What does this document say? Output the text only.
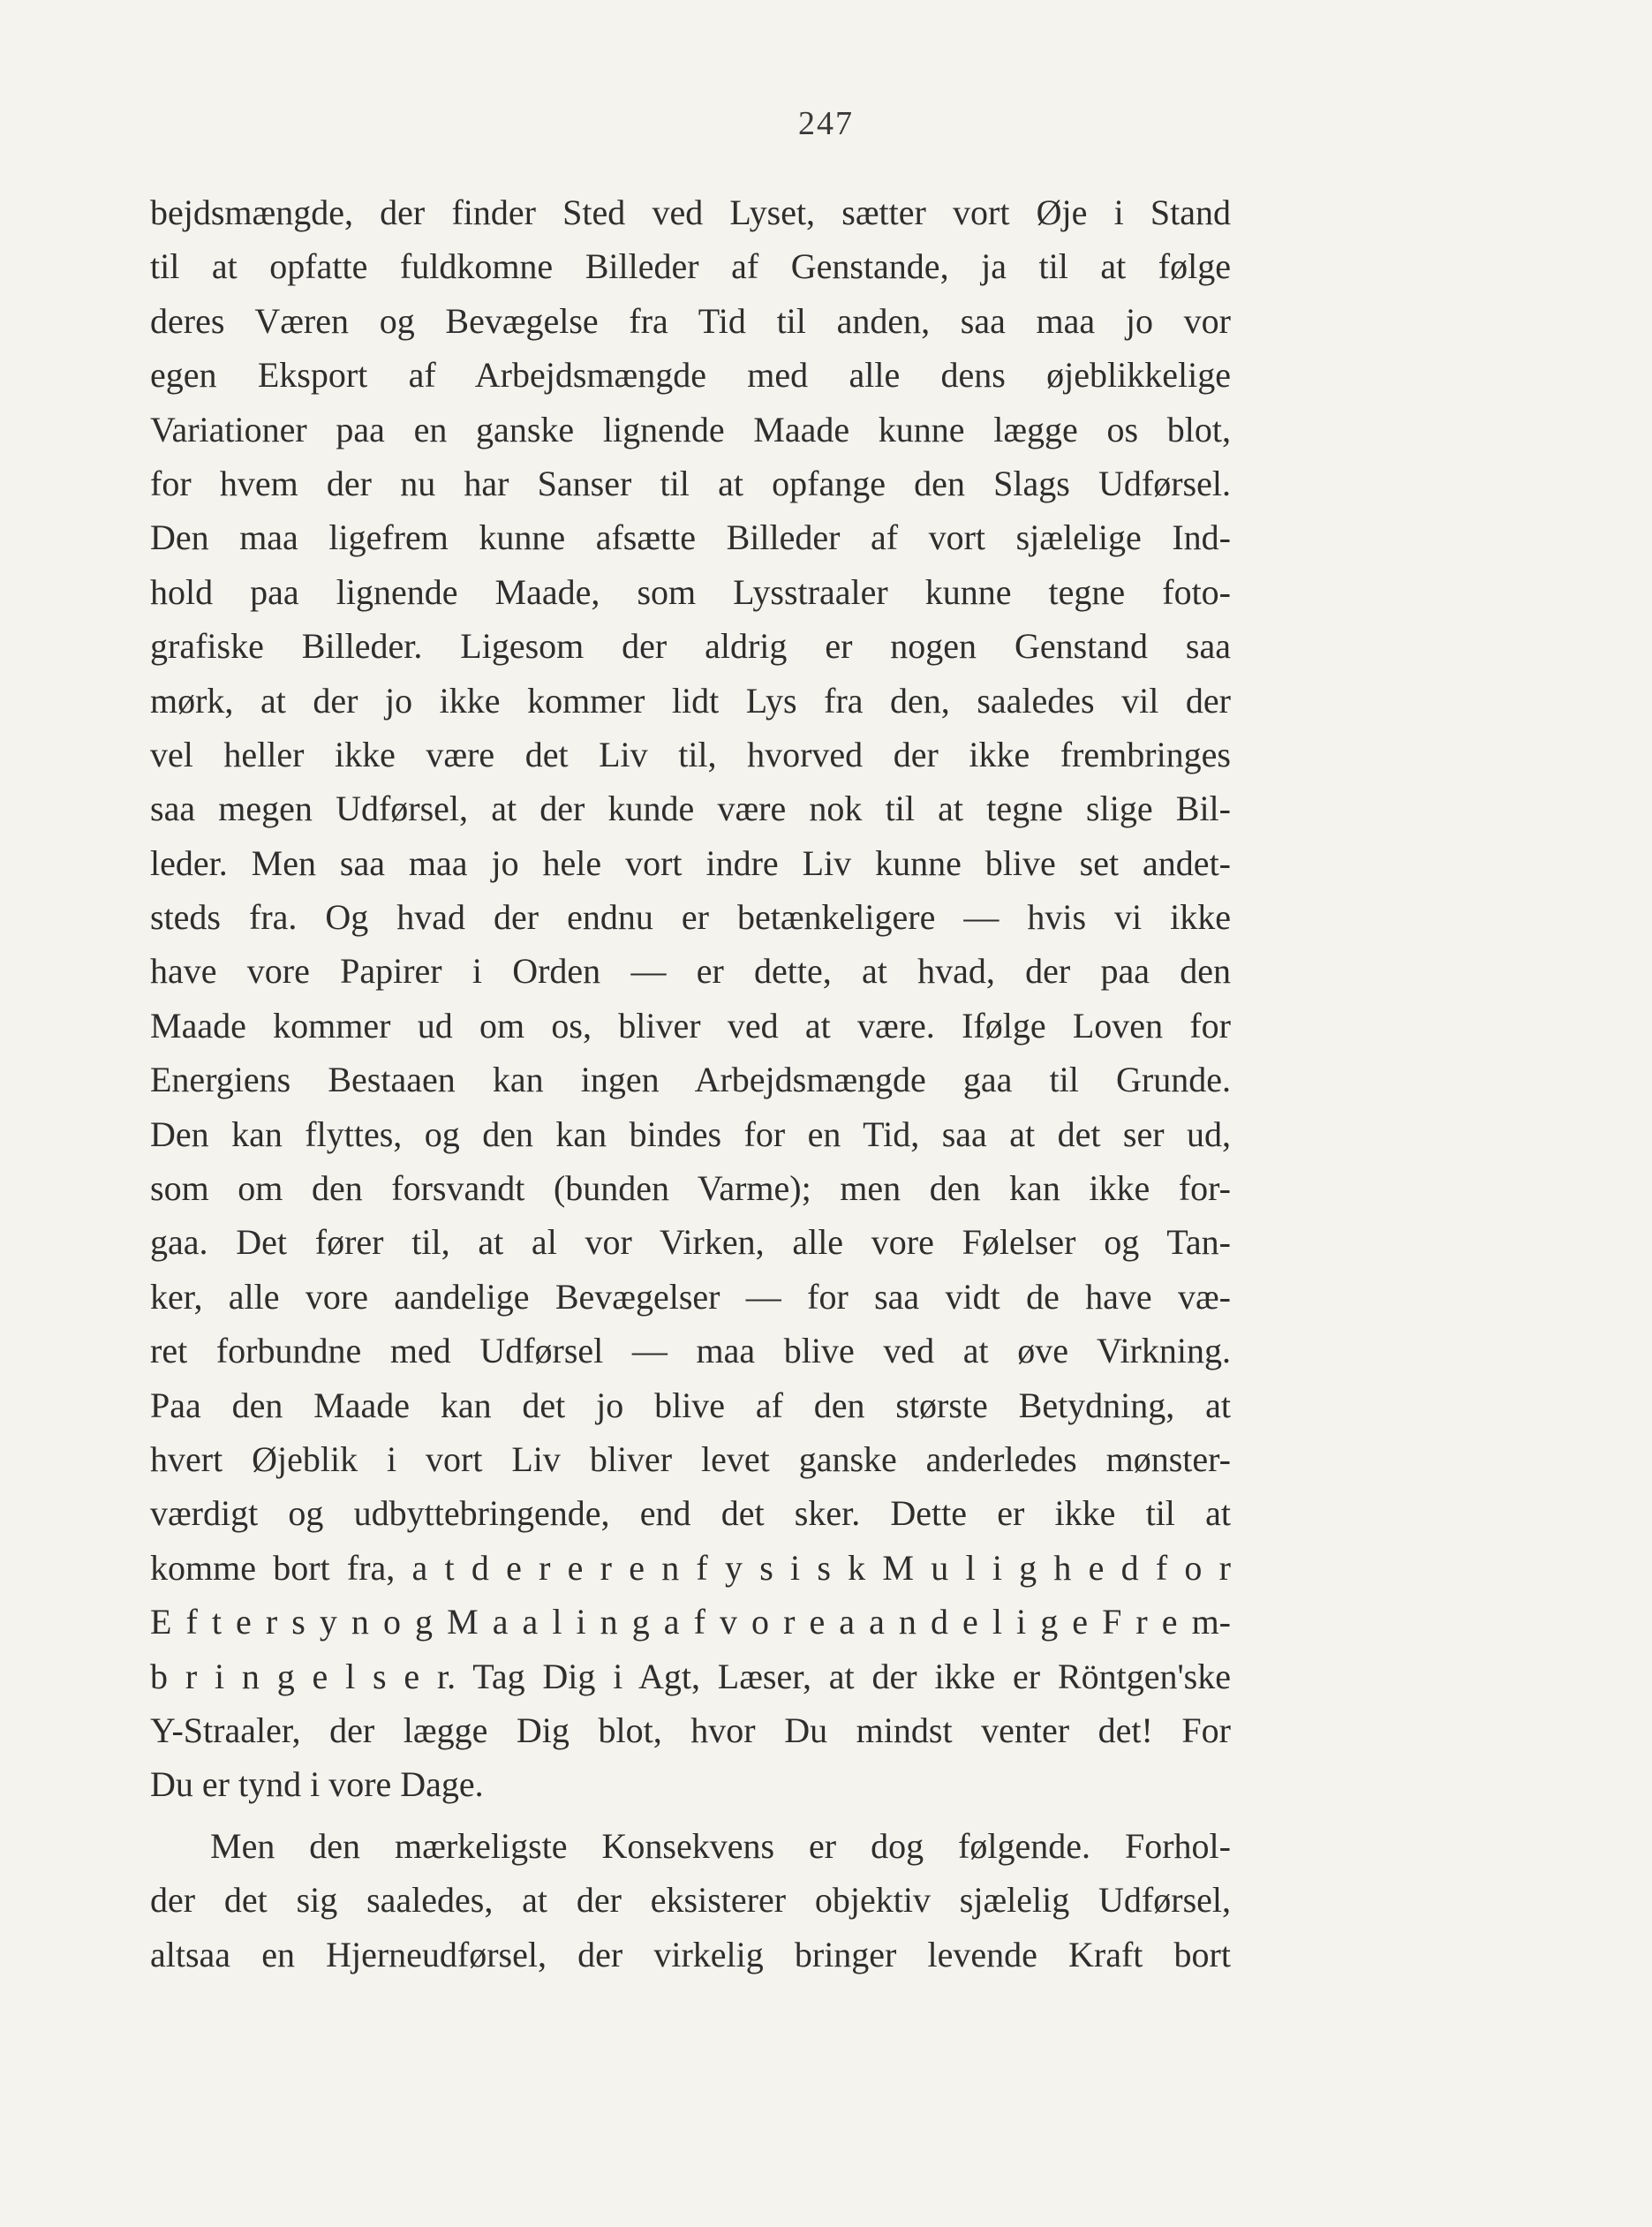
247
bejdsmængde, der finder Sted ved Lyset, sætter vort Øje i Stand
til at opfatte fuldkomne Billeder af Genstande, ja til at følge
deres Væren og Bevægelse fra Tid til anden, saa maa jo vor
egen Eksport af Arbejdsmængde med alle dens øjeblikkelige
Variationer paa en ganske lignende Maade kunne lægge os blot,
for hvem der nu har Sanser til at opfange den Slags Udførsel.
Den maa ligefrem kunne afsætte Billeder af vort sjælelige Ind-
hold paa lignende Maade, som Lysstraaler kunne tegne foto-
grafiske Billeder. Ligesom der aldrig er nogen Genstand saa
mørk, at der jo ikke kommer lidt Lys fra den, saaledes vil der
vel heller ikke være det Liv til, hvorved der ikke frembringes
saa megen Udførsel, at der kunde være nok til at tegne slige Bil-
leder. Men saa maa jo hele vort indre Liv kunne blive set andet-
steds fra. Og hvad der endnu er betænkeligere — hvis vi ikke
have vore Papirer i Orden — er dette, at hvad, der paa den
Maade kommer ud om os, bliver ved at være. Ifølge Loven for
Energiens Bestaaen kan ingen Arbejdsmængde gaa til Grunde.
Den kan flyttes, og den kan bindes for en Tid, saa at det ser ud,
som om den forsvandt (bunden Varme); men den kan ikke for-
gaa. Det fører til, at al vor Virken, alle vore Følelser og Tan-
ker, alle vore aandelige Bevægelser — for saa vidt de have væ-
ret forbundne med Udførsel — maa blive ved at øve Virkning.
Paa den Maade kan det jo blive af den største Betydning, at
hvert Øjeblik i vort Liv bliver levet ganske anderledes mønster-
værdigt og udbyttebringende, end det sker. Dette er ikke til at
komme bort fra, a t d e r e r e n f y s i s k M u l i g h e d f o r
E f t e r s y n o g M a a l i n g a f v o r e a a n d e l i g e F r e m-
b r i n g e l s e r. Tag Dig i Agt, Læser, at der ikke er Röntgen'ske
Y-Straaler, der lægge Dig blot, hvor Du mindst venter det! For
Du er tynd i vore Dage.
Men den mærkeligste Konsekvens er dog følgende. Forhol-
der det sig saaledes, at der eksisterer objektiv sjælelig Udførsel,
altsaa en Hjerneudførsel, der virkelig bringer levende Kraft bort
